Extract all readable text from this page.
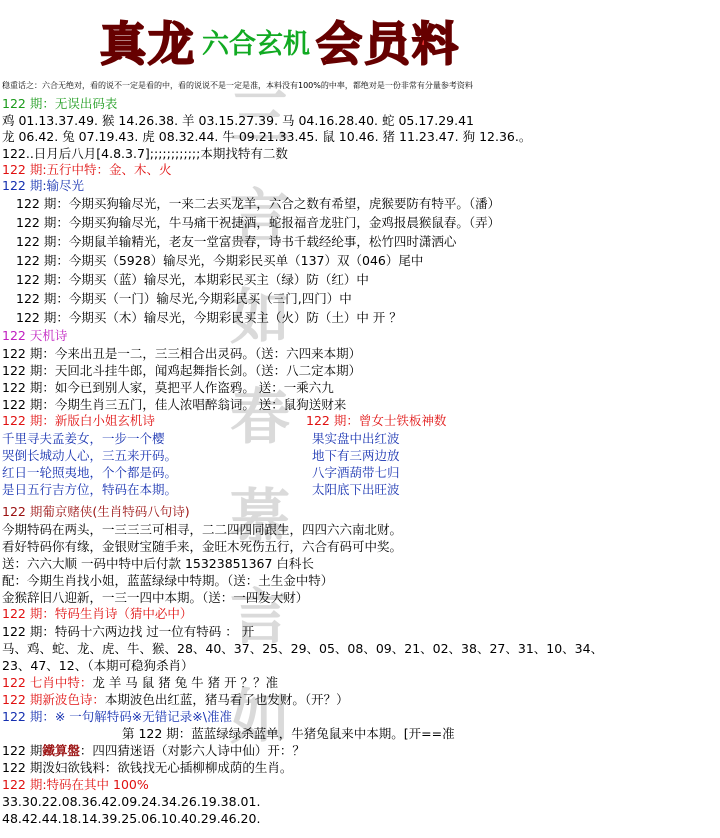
真龙 六合玄机 会员料
三
言
如
春
慕
言
如
稳重话之：六合无绝对，看的说不一定是看的中，看的说说不是一定是准，本料没有100%的中率，都绝对是一份非常有分量参考资料
122 期：无误出码表
鸡 01.13.37.49. 猴 14.26.38. 羊 03.15.27.39. 马 04.16.28.40. 蛇 05.17.29.41
龙 06.42. 兔 07.19.43. 虎 08.32.44. 牛 09.21.33.45. 鼠 10.46. 猪 11.23.47. 狗 12.36.。
122..日月后八月[4.8.3.7];;;;;;;;;;;;本期找特有二数
122 期:五行中特：金、木、火
122 期:输尽光
122 期：今期买狗输尽光，一来二去买龙羊，六合之数有希望，虎猴要防有特平。（潘）
122 期：今期买狗输尽光，牛马痛干祝捷酒，蛇报福音龙驻门，金鸡报晨猴鼠春。（弄）
122 期：今期鼠羊输精光，老友一堂富贵春，诗书千载经纶事，松竹四时潇洒心
122 期：今期买（5928）输尽光，今期彩民买单（137）双（046）尾中
122 期：今期买（蓝）输尽光，本期彩民买主（绿）防（红）中
122 期：今期买（一门）输尽光,今期彩民买（三门,四门）中
122 期：今期买（木）输尽光，今期彩民买主（火）防（土）中 开 ？
122 天机诗
122 期：今来出丑是一二，三三相合出灵码。（送：六四来本期）
122 期：天回北斗挂牛郎，闻鸡起舞指长剑。（送：八二定本期）
122 期：如今已到别人家，莫把平人作盗鸦。 送：一乘六九
122 期：今期生肖三五门，佳人浓唱醉翁词。 送：鼠狗送财来
122 期：新版白小姐玄机诗
千里寻夫孟姜女，一步一个樱
哭倒长城动人心，三五来开码。
红日一轮照夷地，个个都是码。
是日五行吉方位，特码在本期。
122 期：曾女士铁板神数
果实盘中出红波
地下有三两边放
八字酒葫带七归
太阳底下出旺波
122 期葡京赌侠(生肖特码八句诗)
今期特码在两头，一三三三可相寻，二二四四同跟生，四四六六南北财。
看好特码你有缘，金银财宝随手来，金旺木死伤五行，六合有码可中奖。
送：六六大顺 一码中特中后付款 15323851367 白科长
配：今期生肖找小姐，蓝蓝绿绿中特期。（送：土生金中特）
金猴辞旧八迎新，一三一四中本期。（送：一四发大财）
122 期：特码生肖诗（猜中必中）
122 期：特码十六两边找 过一位有特码 ： 开
马、鸡、蛇、龙、虎、牛、猴、28、40、37、25、29、05、08、09、21、02、38、27、31、10、34、
23、47、12、（本期可稳狗杀肖）
122 七肖中特：龙 羊 马 鼠 猪 兔 牛 猪 开 ？？准
122 期新波色诗：本期波色出红蓝，猪马看了也发财。（开？）
122 期：※ 一句解特码※无错记录※\准准
第 122 期：蓝蓝绿绿杀蓝单，牛猪兔鼠来中本期。[开==准
122 期鐵算盤：四四猜迷语（对影六人诗中仙）开：？
122 期泼妇欲钱料：欲钱找无心插柳柳成荫的生肖。
122 期:特码在其中 100%
33.30.22.08.36.42.09.24.34.26.19.38.01.
48.42.44.18.14.39.25.06.10.40.29.46.20.
